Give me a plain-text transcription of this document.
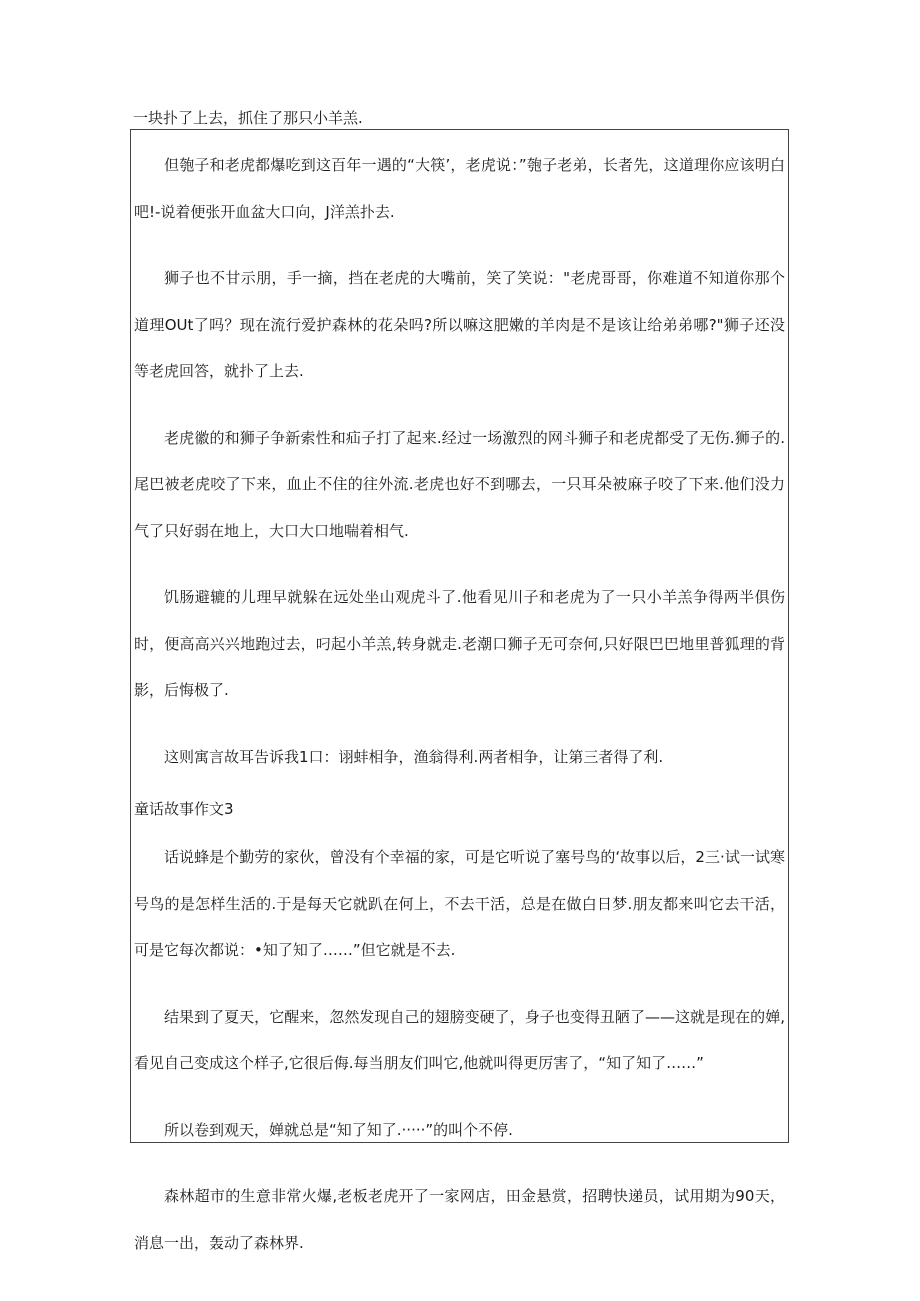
一块扑了上去，抓住了那只小羊羔.

但匏子和老虎都爆吃到这百年一遇的“大筷’，老虎说：”匏子老弟，长者先，这道理你应该明白吧!-说着便张开血盆大口向，J洋羔扑去.

狮子也不甘示朋，手一摘，挡在老虎的大嘴前，笑了笑说："老虎哥哥，你难道不知道你那个道理OUt了吗？现在流行爱护森林的花朵吗?所以嘛这肥嫩的羊肉是不是该让给弟弟哪?"狮子还没等老虎回答，就扑了上去.

老虎徽的和狮子争新索性和疝子打了起来.经过一场激烈的网斗狮子和老虎都受了无伤.狮子的.尾巴被老虎咬了下来，血止不住的往外流.老虎也好不到哪去，一只耳朵被麻子咬了下来.他们没力气了只好弱在地上，大口大口地喘着相气.

饥肠避辘的儿理早就躲在远处坐山观虎斗了.他看见川子和老虎为了一只小羊羔争得两半俱伤时，便高高兴兴地跑过去，叼起小羊羔,转身就走.老潮口狮子无可奈何,只好限巴巴地里普狐理的背影，后悔极了.

这则寓言故耳告诉我1口：诩蚌相争，渔翁得利.两者相争，让第三者得了利.

童话故事作文3

话说蜂是个勤劳的家伙，曾没有个幸福的家，可是它听说了塞号鸟的‘故事以后，2三·试一试寒号鸟的是怎样生活的.于是每天它就趴在何上，不去干活，总是在做白日梦.朋友都来叫它去干活，可是它每次都说：•知了知了……”但它就是不去.

结果到了夏天，它醒来，忽然发现自己的翅膀变硬了，身子也变得丑陋了——这就是现在的婵,看见自己变成这个样子,它很后侮.每当朋友们叫它,他就叫得更厉害了，“知了知了……”

所以卷到观天，婵就总是“知了知了.·····”的叫个不停.

森林超市的生意非常火爆,老板老虎开了一家网店，田金悬赏，招聘快递员，试用期为90天，消息一出，轰动了森林界.
